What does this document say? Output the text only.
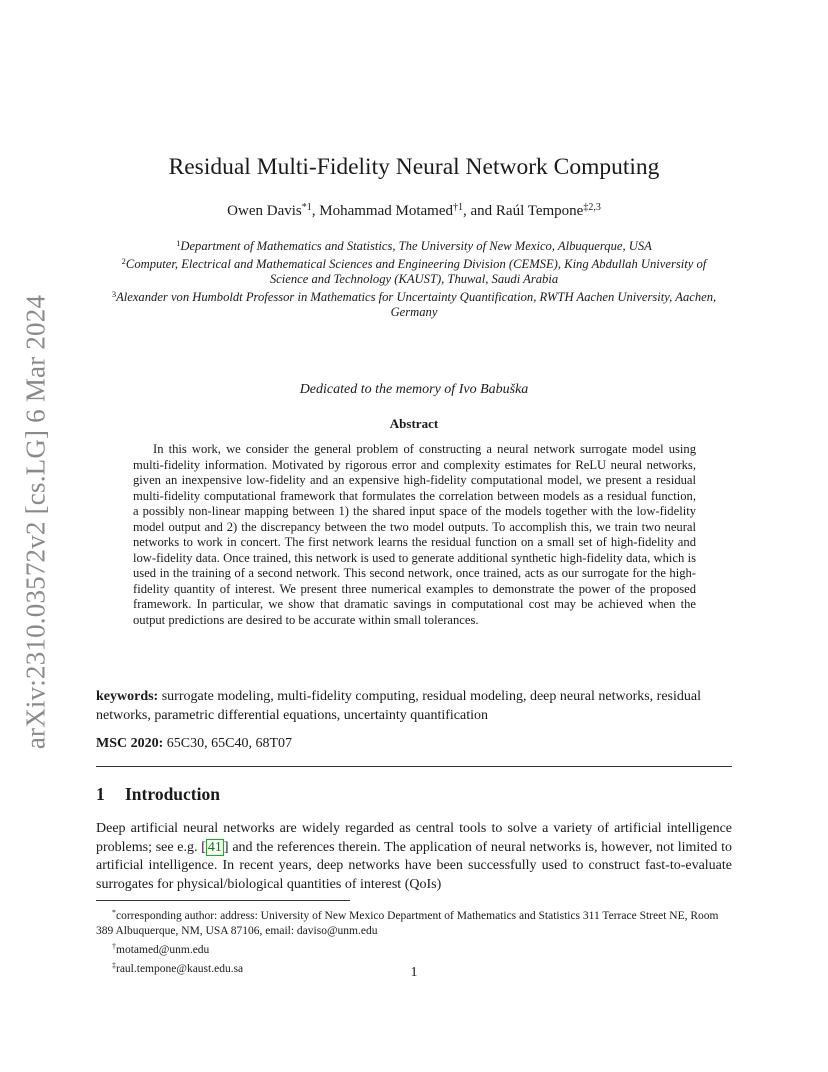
arXiv:2310.03572v2 [cs.LG] 6 Mar 2024
Residual Multi-Fidelity Neural Network Computing
Owen Davis$^{*1}$, Mohammad Motamed$^{\dagger 1}$, and Raúl Tempone$^{\ddagger 2,3}$
$^1$Department of Mathematics and Statistics, The University of New Mexico, Albuquerque, USA
$^2$Computer, Electrical and Mathematical Sciences and Engineering Division (CEMSE), King Abdullah University of Science and Technology (KAUST), Thuwal, Saudi Arabia
$^3$Alexander von Humboldt Professor in Mathematics for Uncertainty Quantification, RWTH Aachen University, Aachen, Germany
Dedicated to the memory of Ivo Babuška
Abstract

In this work, we consider the general problem of constructing a neural network surrogate model using multi-fidelity information. Motivated by rigorous error and complexity estimates for ReLU neural networks, given an inexpensive low-fidelity and an expensive high-fidelity computational model, we present a residual multi-fidelity computational framework that formulates the correlation between models as a residual function, a possibly non-linear mapping between 1) the shared input space of the models together with the low-fidelity model output and 2) the discrepancy between the two model outputs. To accomplish this, we train two neural networks to work in concert. The first network learns the residual function on a small set of high-fidelity and low-fidelity data. Once trained, this network is used to generate additional synthetic high-fidelity data, which is used in the training of a second network. This second network, once trained, acts as our surrogate for the high-fidelity quantity of interest. We present three numerical examples to demonstrate the power of the proposed framework. In particular, we show that dramatic savings in computational cost may be achieved when the output predictions are desired to be accurate within small tolerances.

keywords: surrogate modeling, multi-fidelity computing, residual modeling, deep neural networks, residual networks, parametric differential equations, uncertainty quantification

MSC 2020: 65C30, 65C40, 68T07

1 Introduction

Deep artificial neural networks are widely regarded as central tools to solve a variety of artificial intelligence problems; see e.g. [ 41 ] and the references therein. The application of neural networks is, however, not limited to artificial intelligence. In recent years, deep networks have been successfully used to construct fast-to-evaluate surrogates for physical/biological quantities of interest (QoIs)

*corresponding author: address: University of New Mexico Department of Mathematics and Statistics 311 Terrace Street NE, Room 389 Albuquerque, NM, USA 87106, email: daviso@unm.edu

†motamed@unm.edu

‡raul.tempone@kaust.edu.sa	1
